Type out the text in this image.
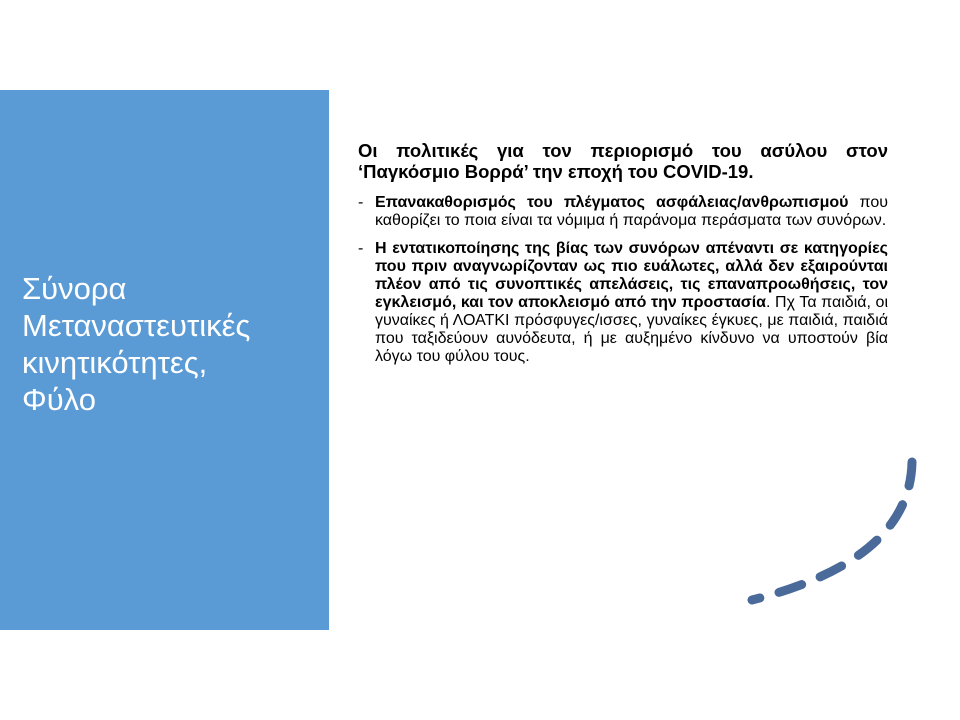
Σύνορα
Μεταναστευτικές
κινητικότητες,
Φύλο

Οι πολιτικές για τον περιορισμό του ασύλου στον ‘Παγκόσμιο Βορρά’ την εποχή του COVID-19.

- Επανακαθορισμός του πλέγματος ασφάλειας/ανθρωπισμού που καθορίζει το ποια είναι τα νόμιμα ή παράνομα περάσματα των συνόρων.

- Η εντατικοποίησης της βίας των συνόρων απέναντι σε κατηγορίες που πριν αναγνωρίζονταν ως πιο ευάλωτες, αλλά δεν εξαιρούνται πλέον από τις συνοπτικές απελάσεις, τις επαναπροωθήσεις, τον εγκλεισμό, και τον αποκλεισμό από την προστασία. Πχ Τα παιδιά, οι γυναίκες ή ΛΟΑΤΚΙ πρόσφυγες/ισσες, γυναίκες έγκυες, με παιδιά, παιδιά που ταξιδεύουν αυνόδευτα, ή με αυξημένο κίνδυνο να υποστούν βία λόγω του φύλου τους.
